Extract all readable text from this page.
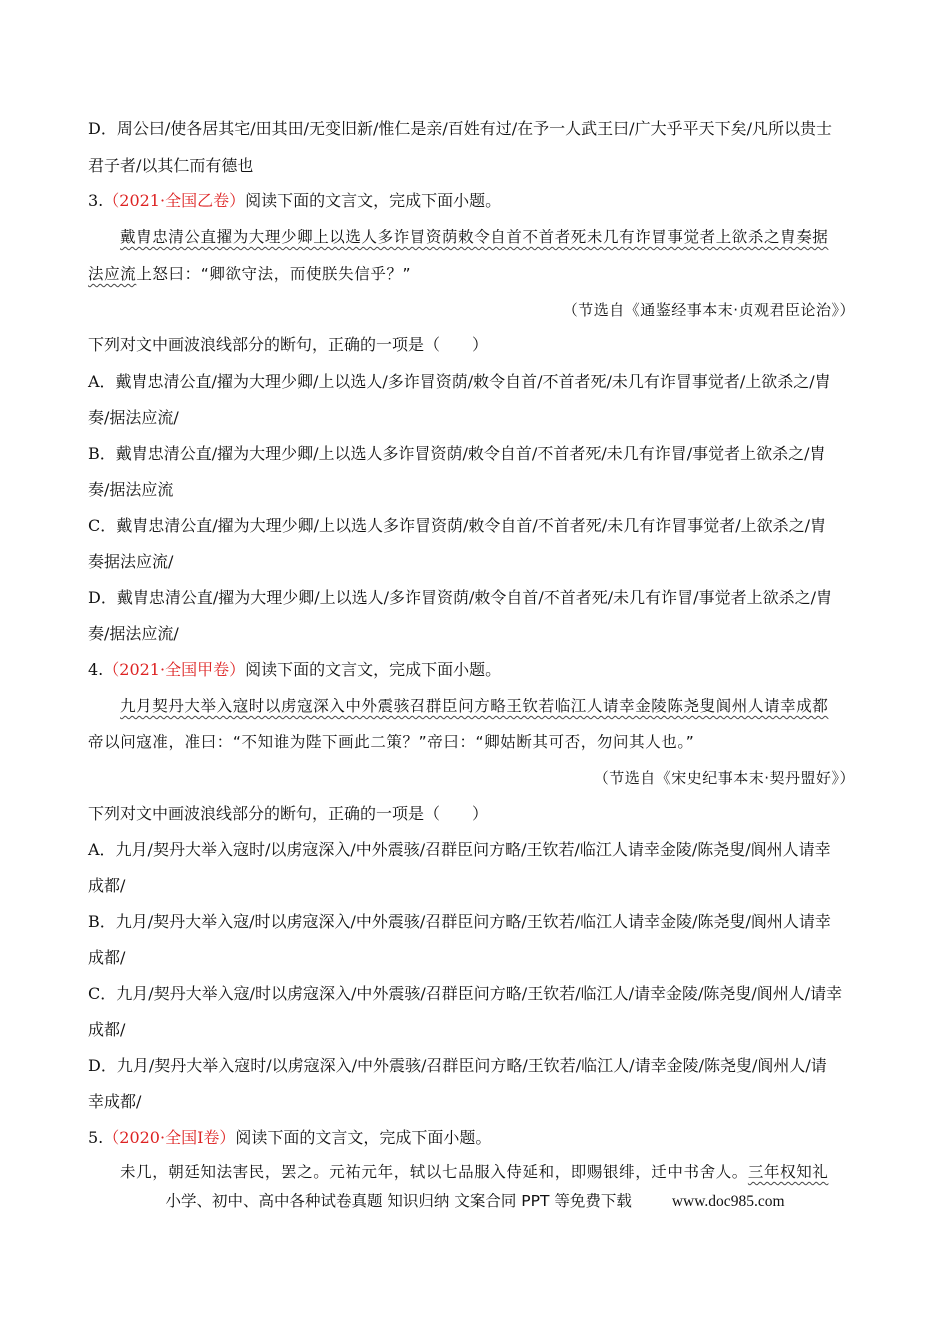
D．周公曰/使各居其宅/田其田/无变旧新/惟仁是亲/百姓有过/在予一人武王曰/广大乎平天下矣/凡所以贵士
君子者/以其仁而有德也
3.（2021·全国乙卷）阅读下面的文言文，完成下面小题。
戴胄忠清公直擢为大理少卿上以选人多诈冒资荫敕令自首不首者死未几有诈冒事觉者上欲杀之胄奏据
法应流上怒曰：“卿欲守法，而使朕失信乎？”
（节选自《通鉴经事本末·贞观君臣论治》）
下列对文中画波浪线部分的断句，正确的一项是（　　）
A．戴胄忠清公直/擢为大理少卿/上以选人/多诈冒资荫/敕令自首/不首者死/未几有诈冒事觉者/上欲杀之/胄
奏/据法应流/
B．戴胄忠清公直/擢为大理少卿/上以选人多诈冒资荫/敕令自首/不首者死/未几有诈冒/事觉者上欲杀之/胄
奏/据法应流
C．戴胄忠清公直/擢为大理少卿/上以选人多诈冒资荫/敕令自首/不首者死/未几有诈冒事觉者/上欲杀之/胄
奏据法应流/
D．戴胄忠清公直/擢为大理少卿/上以选人/多诈冒资荫/敕令自首/不首者死/未几有诈冒/事觉者上欲杀之/胄
奏/据法应流/
4.（2021·全国甲卷）阅读下面的文言文，完成下面小题。
九月契丹大举入寇时以虏寇深入中外震骇召群臣问方略王钦若临江人请幸金陵陈尧叟阆州人请幸成都
帝以问寇准，准曰：“不知谁为陛下画此二策？”帝曰：“卿姑断其可否，勿问其人也。”
（节选自《宋史纪事本末·契丹盟好》）
下列对文中画波浪线部分的断句，正确的一项是（　　）
A．九月/契丹大举入寇时/以虏寇深入/中外震骇/召群臣问方略/王钦若/临江人请幸金陵/陈尧叟/阆州人请幸
成都/
B．九月/契丹大举入寇/时以虏寇深入/中外震骇/召群臣问方略/王钦若/临江人请幸金陵/陈尧叟/阆州人请幸
成都/
C．九月/契丹大举入寇/时以虏寇深入/中外震骇/召群臣问方略/王钦若/临江人/请幸金陵/陈尧叟/阆州人/请幸
成都/
D．九月/契丹大举入寇时/以虏寇深入/中外震骇/召群臣问方略/王钦若/临江人/请幸金陵/陈尧叟/阆州人/请
幸成都/
5.（2020·全国Ⅰ卷）阅读下面的文言文，完成下面小题。
未几，朝廷知法害民，罢之。元祐元年，轼以七品服入侍延和，即赐银绯，迁中书舍人。三年权知礼
小学、初中、高中各种试卷真题 知识归纳 文案合同 PPT 等免费下载	www.doc985.com
